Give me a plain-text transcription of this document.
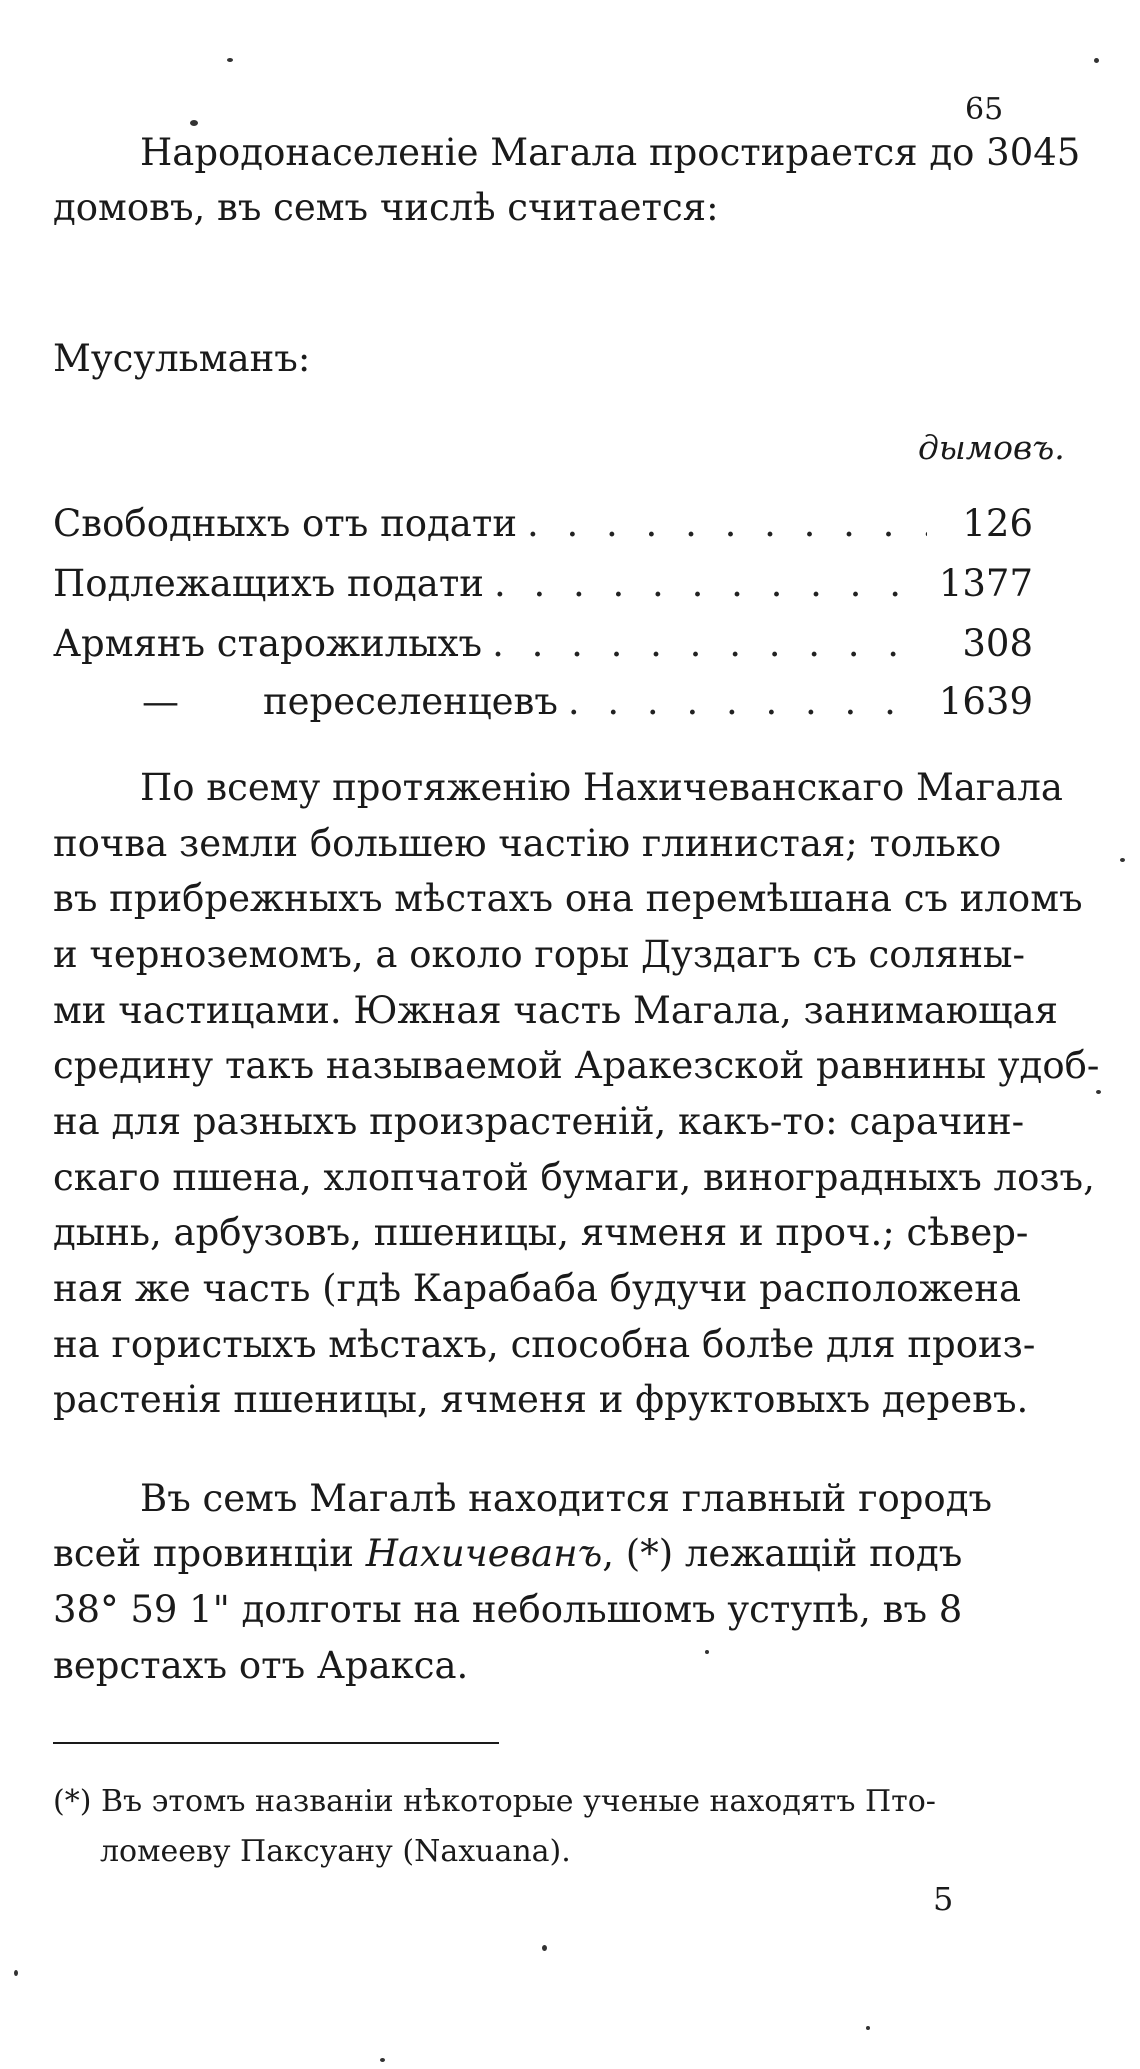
65
Народонаселеніе Магала простирается до 3045
домовъ, въ семъ числѣ считается:
Мусульманъ:
дымовъ.
Свободныхъ отъ подати . . .	126
Подлежащихъ подати . . .	1377
Армянъ старожилыхъ . . .	308
— переселенцевъ . . .	1639
По всему протяженію Нахичеванскаго Магала
почва земли большею частію глинистая; только
въ прибрежныхъ мѣстахъ она перемѣшана съ иломъ
и черноземомъ, а около горы Дуздагъ съ соляны-
ми частицами. Южная часть Магала, занимающая
средину такъ называемой Аракезской равнины удоб-
на для разныхъ произрастеній, какъ-то: сарачин-
скаго пшена, хлопчатой бумаги, виноградныхъ лозъ,
дынь, арбузовъ, пшеницы, ячменя и проч.; сѣвер-
ная же часть (гдѣ Карабаба будучи расположена
на гористыхъ мѣстахъ, способна болѣе для произ-
растенія пшеницы, ячменя и фруктовыхъ деревъ.
Въ семъ Магалѣ находится главный городъ
всей провинціи Нахичеванъ, (*) лежащій подъ
38° 59 1" долготы на небольшомъ уступѣ, въ 8
верстахъ отъ Аракса.
(*) Въ этомъ названіи нѣкоторые ученые находятъ Пто-
ломееву Паксуану (Naxuana).
5
